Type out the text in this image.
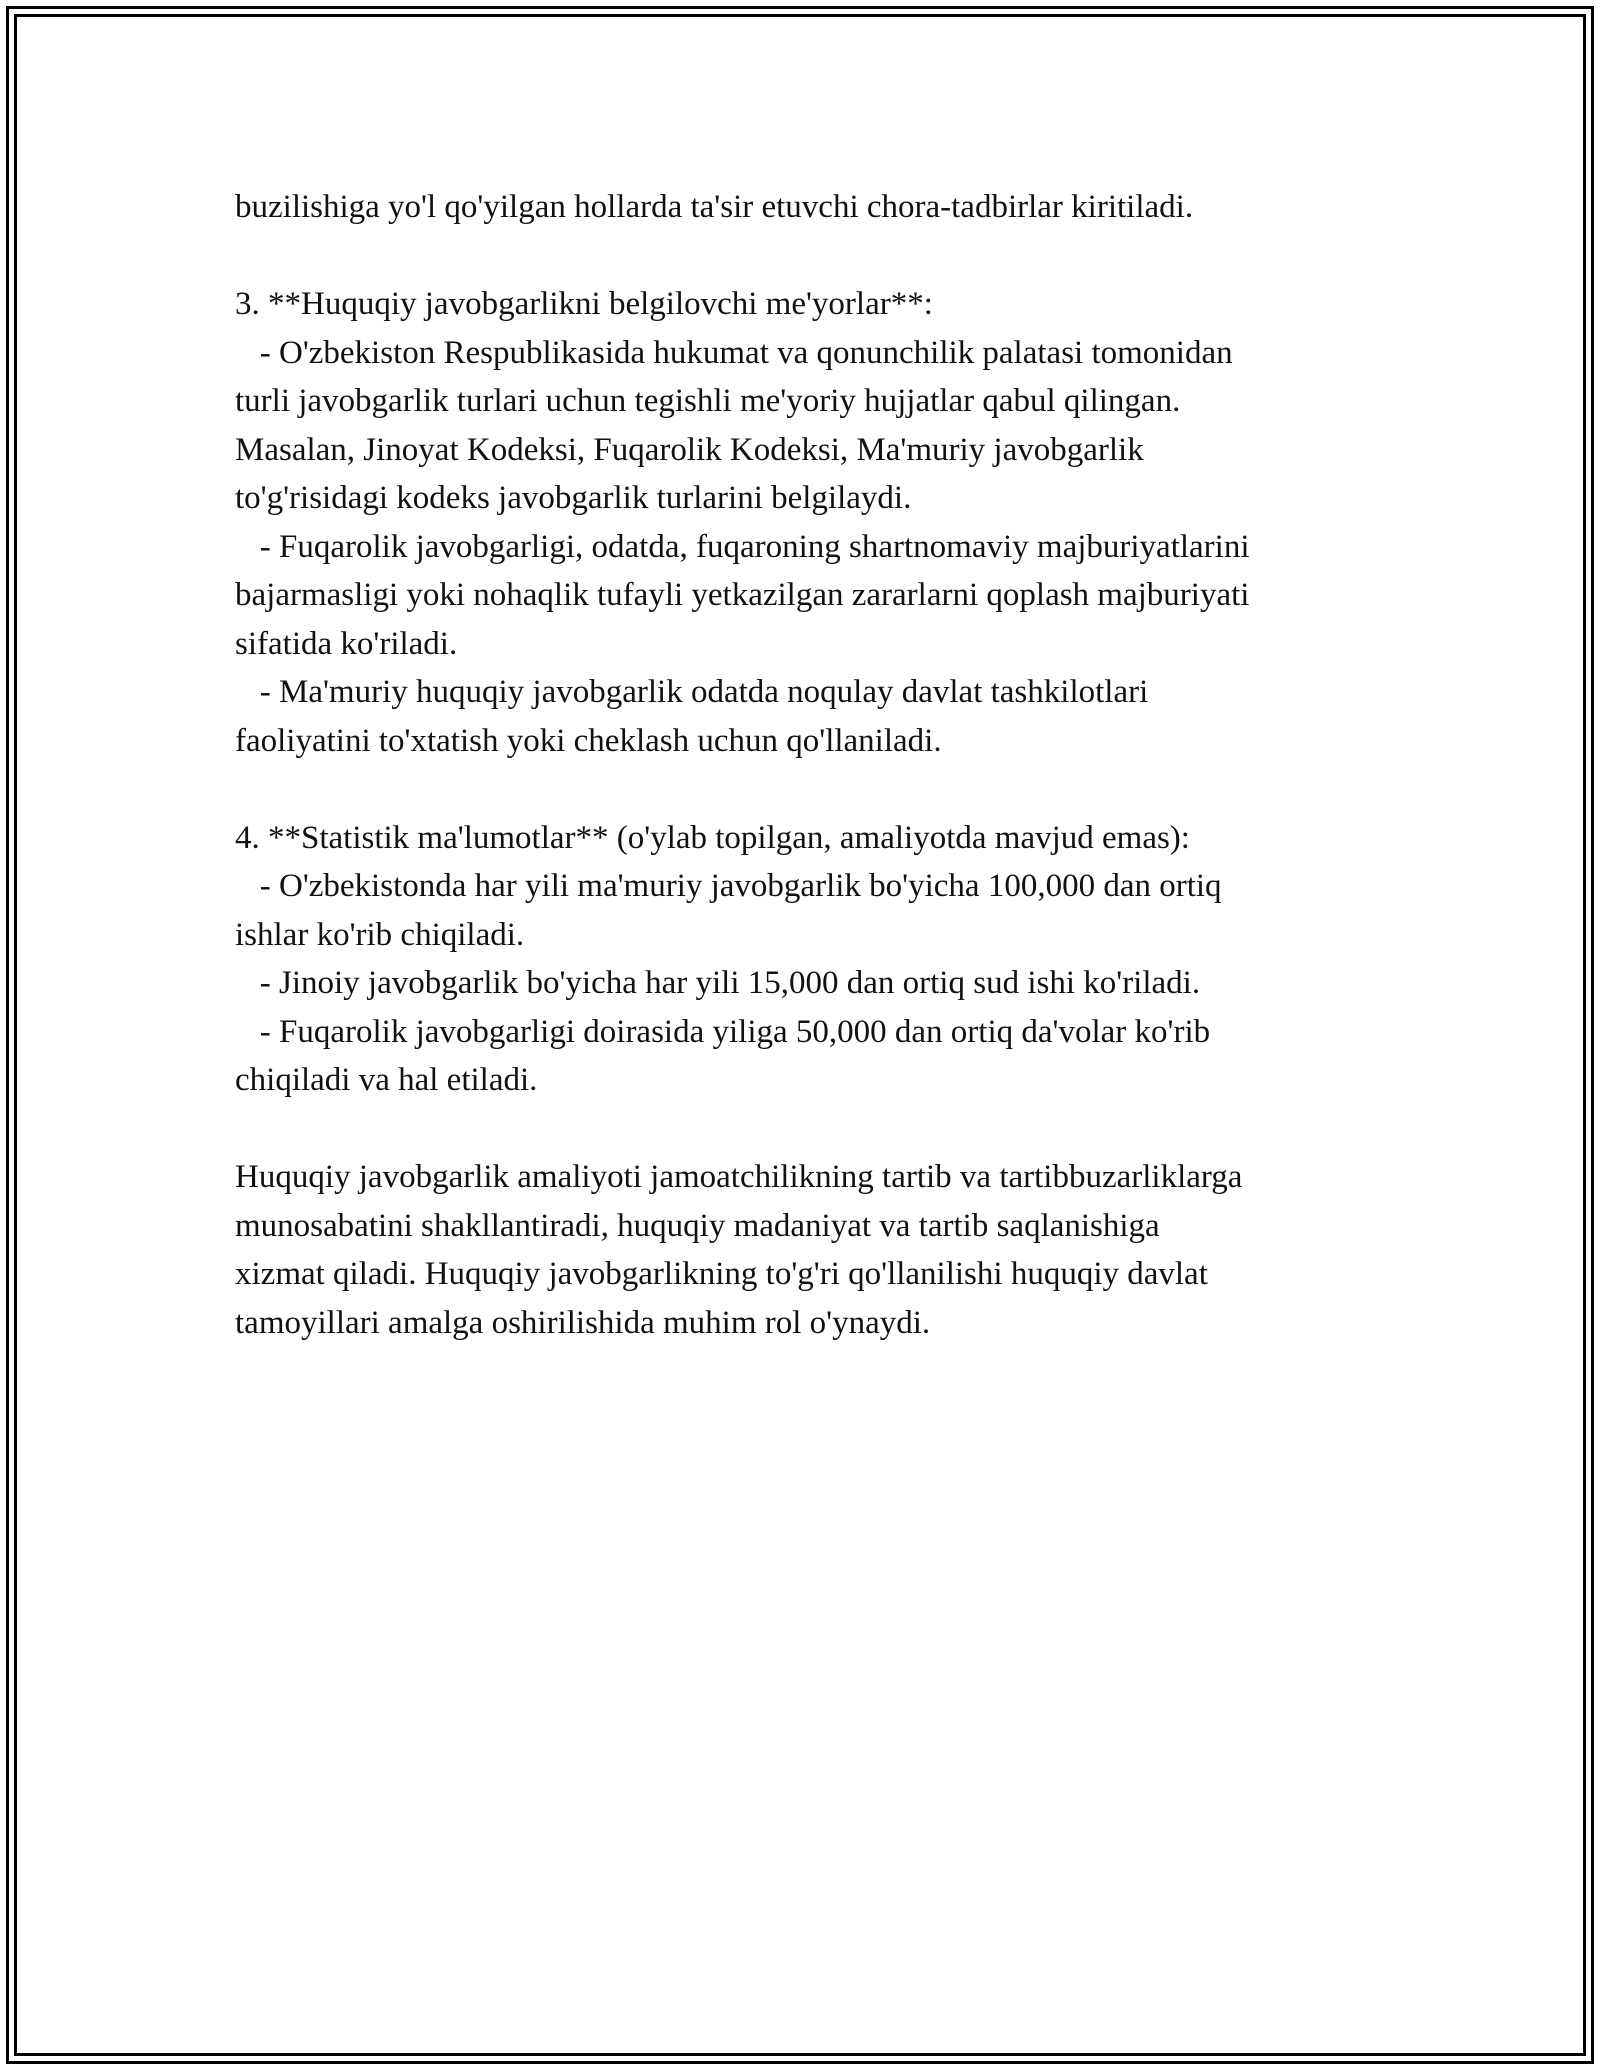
buzilishiga yo'l qo'yilgan hollarda ta'sir etuvchi chora-tadbirlar kiritiladi.
3. **Huquqiy javobgarlikni belgilovchi me'yorlar**:
- O'zbekiston Respublikasida hukumat va qonunchilik palatasi tomonidan
turli javobgarlik turlari uchun tegishli me'yoriy hujjatlar qabul qilingan.
Masalan, Jinoyat Kodeksi, Fuqarolik Kodeksi, Ma'muriy javobgarlik
to'g'risidagi kodeks javobgarlik turlarini belgilaydi.
- Fuqarolik javobgarligi, odatda, fuqaroning shartnomaviy majburiyatlarini
bajarmasligi yoki nohaqlik tufayli yetkazilgan zararlarni qoplash majburiyati
sifatida ko'riladi.
- Ma'muriy huquqiy javobgarlik odatda noqulay davlat tashkilotlari
faoliyatini to'xtatish yoki cheklash uchun qo'llaniladi.
4. **Statistik ma'lumotlar** (o'ylab topilgan, amaliyotda mavjud emas):
- O'zbekistonda har yili ma'muriy javobgarlik bo'yicha 100,000 dan ortiq
ishlar ko'rib chiqiladi.
- Jinoiy javobgarlik bo'yicha har yili 15,000 dan ortiq sud ishi ko'riladi.
- Fuqarolik javobgarligi doirasida yiliga 50,000 dan ortiq da'volar ko'rib
chiqiladi va hal etiladi.
Huquqiy javobgarlik amaliyoti jamoatchilikning tartib va tartibbuzarliklarga
munosabatini shakllantiradi, huquqiy madaniyat va tartib saqlanishiga
xizmat qiladi. Huquqiy javobgarlikning to'g'ri qo'llanilishi huquqiy davlat
tamoyillari amalga oshirilishida muhim rol o'ynaydi.
